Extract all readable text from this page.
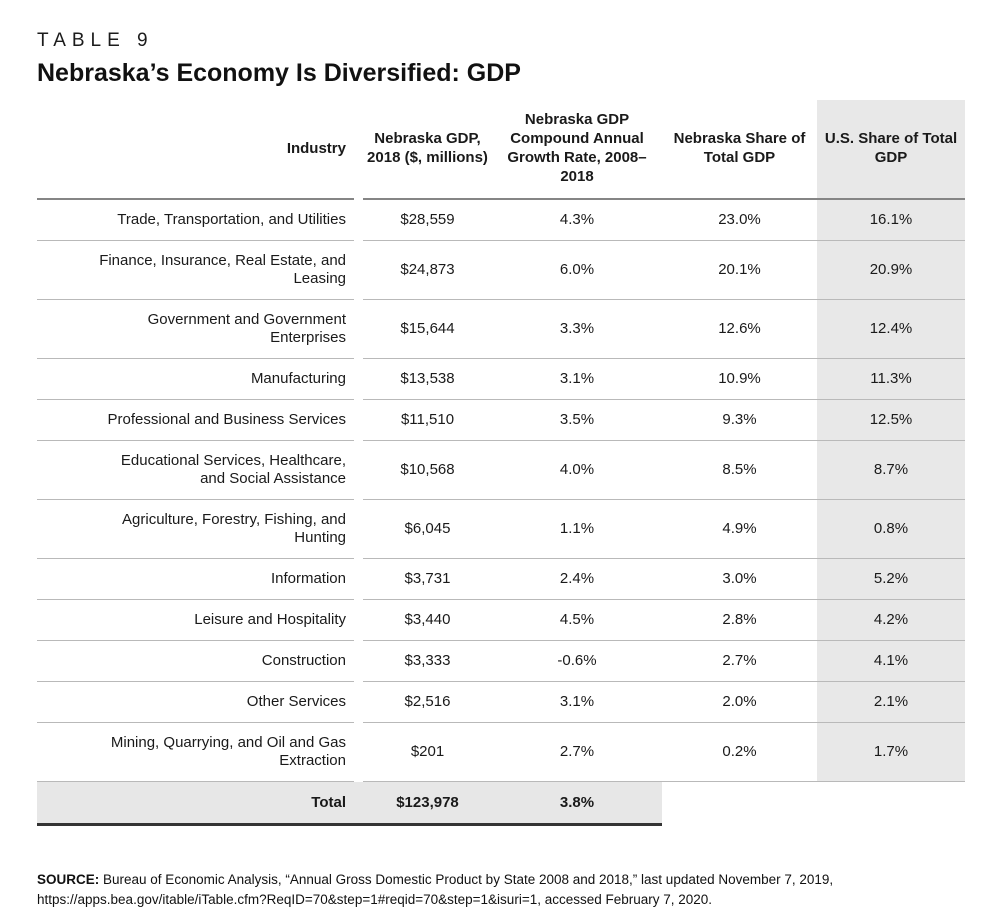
TABLE 9
Nebraska’s Economy Is Diversified: GDP
Industry		Nebraska GDP, 2018 ($, millions)	Nebraska GDP Compound Annual Growth Rate, 2008–2018	Nebraska Share of Total GDP	U.S. Share of Total GDP
Trade, Transportation, and Utilities		$28,559	4.3%	23.0%	16.1%
Finance, Insurance, Real Estate, and Leasing		$24,873	6.0%	20.1%	20.9%
Government and Government Enterprises		$15,644	3.3%	12.6%	12.4%
Manufacturing		$13,538	3.1%	10.9%	11.3%
Professional and Business Services		$11,510	3.5%	9.3%	12.5%
Educational Services, Healthcare, and Social Assistance		$10,568	4.0%	8.5%	8.7%
Agriculture, Forestry, Fishing, and Hunting		$6,045	1.1%	4.9%	0.8%
Information		$3,731	2.4%	3.0%	5.2%
Leisure and Hospitality		$3,440	4.5%	2.8%	4.2%
Construction		$3,333	-0.6%	2.7%	4.1%
Other Services		$2,516	3.1%	2.0%	2.1%
Mining, Quarrying, and Oil and Gas Extraction		$201	2.7%	0.2%	1.7%
Total		$123,978	3.8%		

SOURCE: Bureau of Economic Analysis, “Annual Gross Domestic Product by State 2008 and 2018,” last updated November 7, 2019, https://apps.bea.gov/itable/iTable.cfm?ReqID=70&step=1#reqid=70&step=1&isuri=1, accessed February 7, 2020.
